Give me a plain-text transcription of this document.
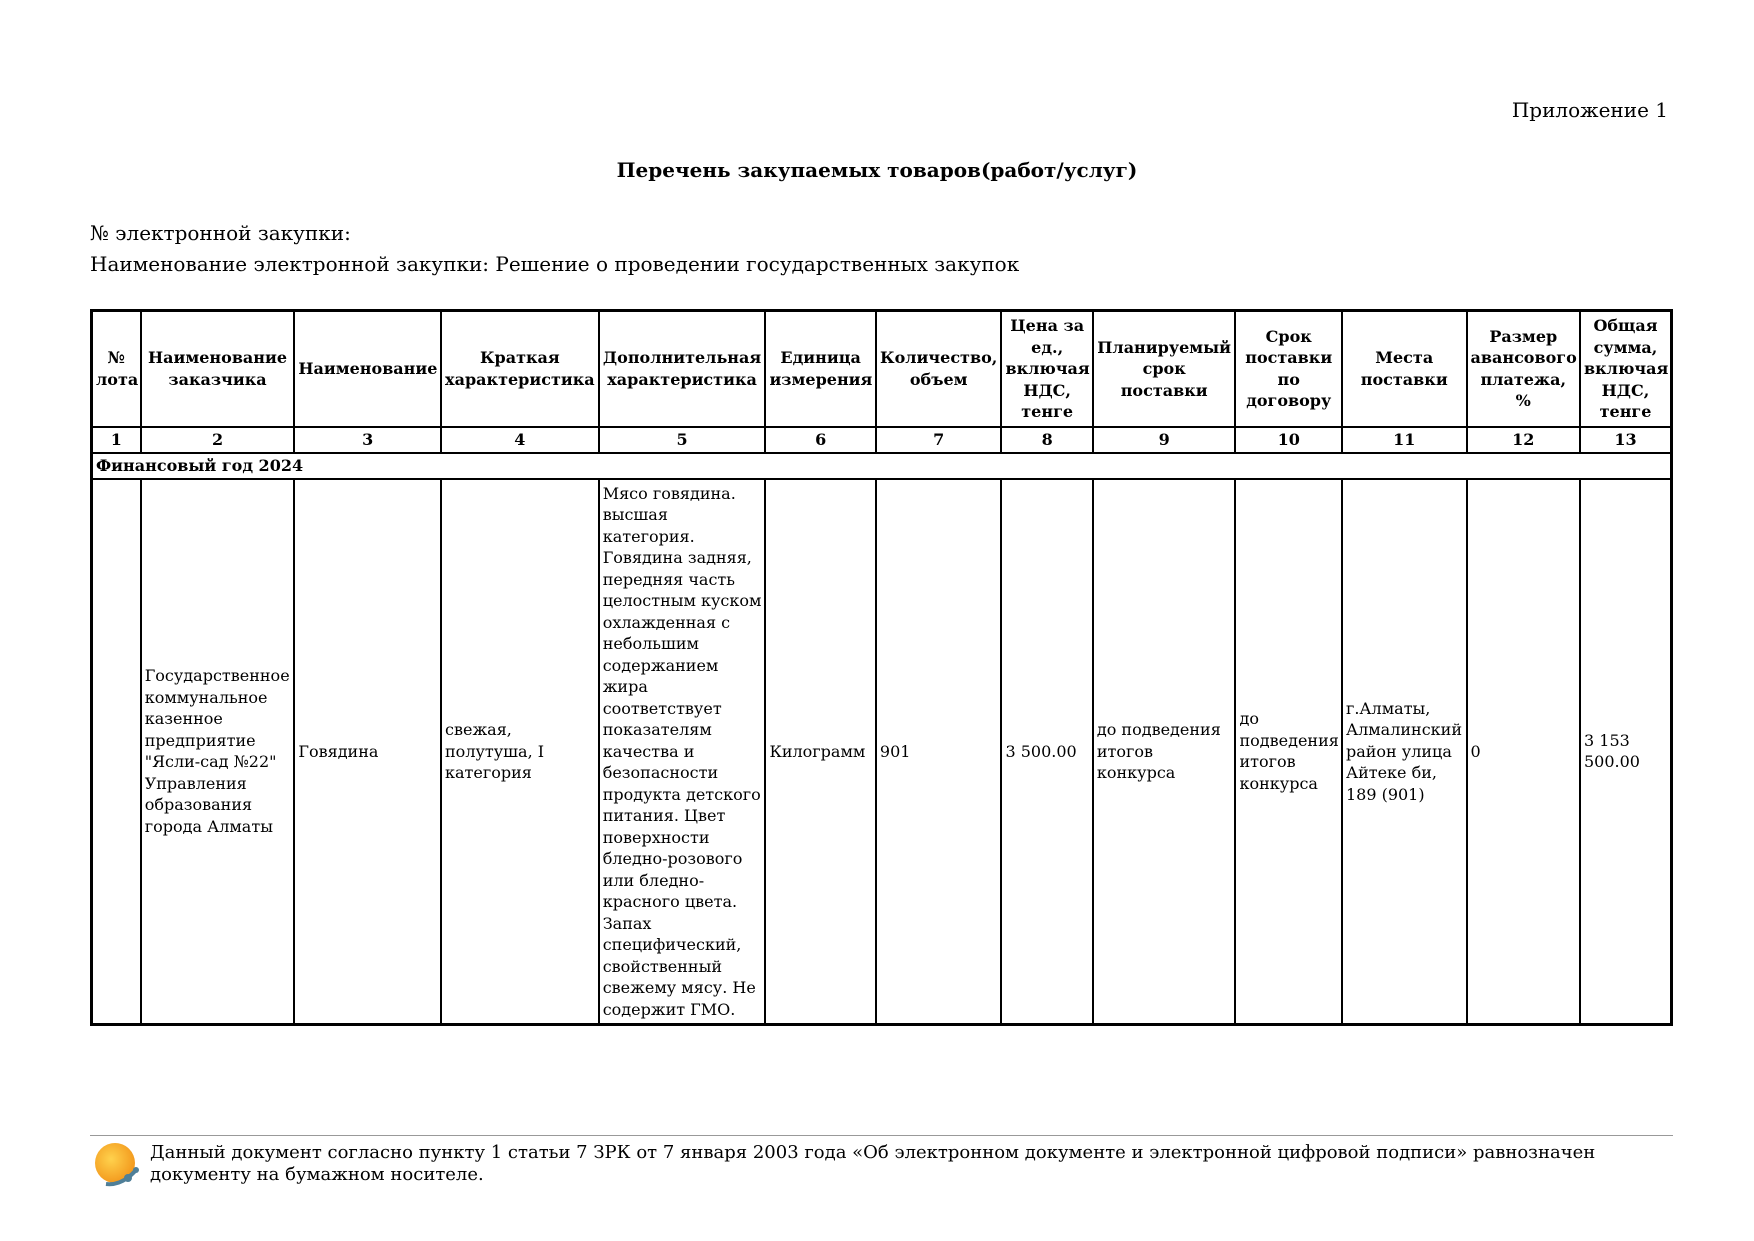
Приложение 1
Перечень закупаемых товаров(работ/услуг)
№ электронной закупки:
Наименование электронной закупки: Решение о проведении государственных закупок
№ лота	Наименование заказчика	Наименование	Краткая характеристика	Дополнительная характеристика	Единица измерения	Количество, объем	Цена за ед., включая НДС, тенге	Планируемый срок поставки	Срок поставки по договору	Места поставки	Размер авансового платежа, %	Общая сумма, включая НДС, тенге
1	2	3	4	5	6	7	8	9	10	11	12	13
Финансовый год 2024												
	Государственное коммунальное казенное предприятие "Ясли-сад №22" Управления образования города Алматы	Говядина	свежая, полутуша, I категория	Мясо говядина. высшая категория. Говядина задняя, передняя часть целостным куском охлажденная с небольшим содержанием жира соответствует показателям качества и безопасности продукта детского питания. Цвет поверхности бледно-розового или бледно-красного цвета. Запах специфический, свойственный свежему мясу. Не содержит ГМО.	Килограмм	901	3 500.00	до подведения итогов конкурса	до подведения итогов конкурса	г.Алматы, Алмалинский район улица Айтеке би, 189 (901)	0	3 153 500.00
Данный документ согласно пункту 1 статьи 7 ЗРК от 7 января 2003 года «Об электронном документе и электронной цифровой подписи» равнозначен документу на бумажном носителе.
